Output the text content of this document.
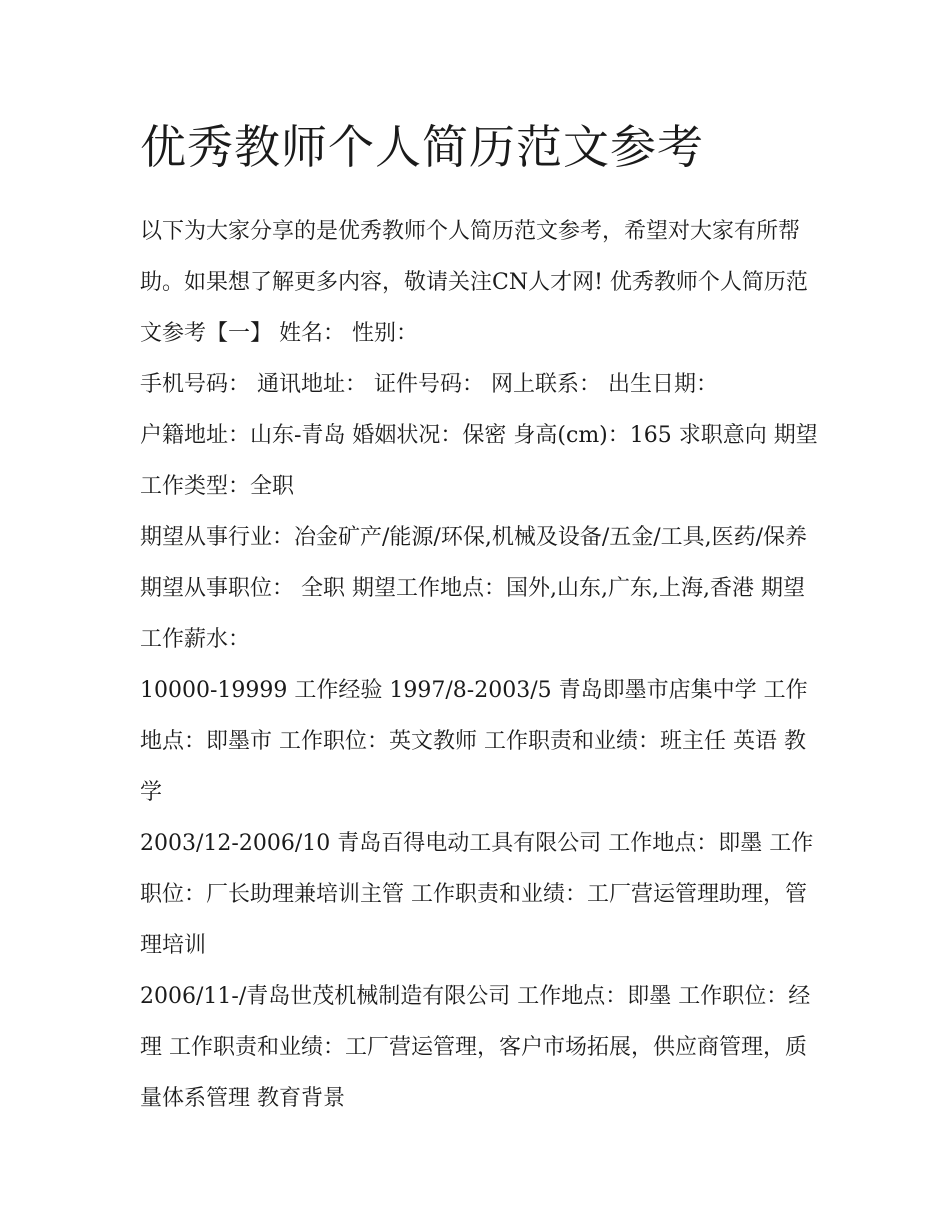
优秀教师个人简历范文参考

以下为大家分享的是优秀教师个人简历范文参考，希望对大家有所帮助。如果想了解更多内容，敬请关注CN人才网! 优秀教师个人简历范文参考【一】 姓名： 性别：

手机号码： 通讯地址： 证件号码： 网上联系： 出生日期：

户籍地址：山东-青岛 婚姻状况：保密 身高(cm)：165 求职意向 期望工作类型：全职

期望从事行业：冶金矿产/能源/环保,机械及设备/五金/工具,医药/保养 期望从事职位： 全职 期望工作地点：国外,山东,广东,上海,香港 期望工作薪水：

10000-19999 工作经验 1997/8-2003/5 青岛即墨市店集中学 工作地点：即墨市 工作职位：英文教师 工作职责和业绩：班主任 英语 教学

2003/12-2006/10 青岛百得电动工具有限公司 工作地点：即墨 工作职位：厂长助理兼培训主管 工作职责和业绩：工厂营运管理助理，管理培训

2006/11-/青岛世茂机械制造有限公司 工作地点：即墨 工作职位：经理 工作职责和业绩：工厂营运管理，客户市场拓展，供应商管理，质量体系管理 教育背景
